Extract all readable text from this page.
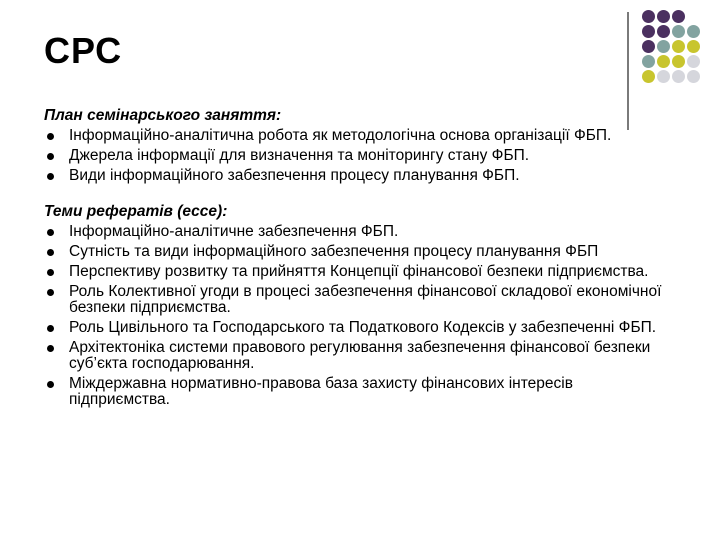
СРС
План семінарського заняття:
Інформаційно-аналітична робота як методологічна основа організації ФБП.
Джерела інформації для визначення та моніторингу стану ФБП.
Види інформаційного забезпечення процесу планування ФБП.
Теми рефератів (ессе):
Інформаційно-аналітичне забезпечення ФБП.
Сутність та види інформаційного забезпечення процесу планування ФБП
Перспективу розвитку та прийняття Концепції фінансової безпеки підприємства.
Роль Колективної угоди в процесі забезпечення фінансової складової економічної безпеки підприємства.
Роль Цивільного та Господарського та Податкового Кодексів у забезпеченні ФБП.
Архітектоніка системи правового регулювання забезпечення фінансової безпеки суб’єкта господарювання.
Міждержавна нормативно-правова база захисту фінансових інтересів підприємства.
